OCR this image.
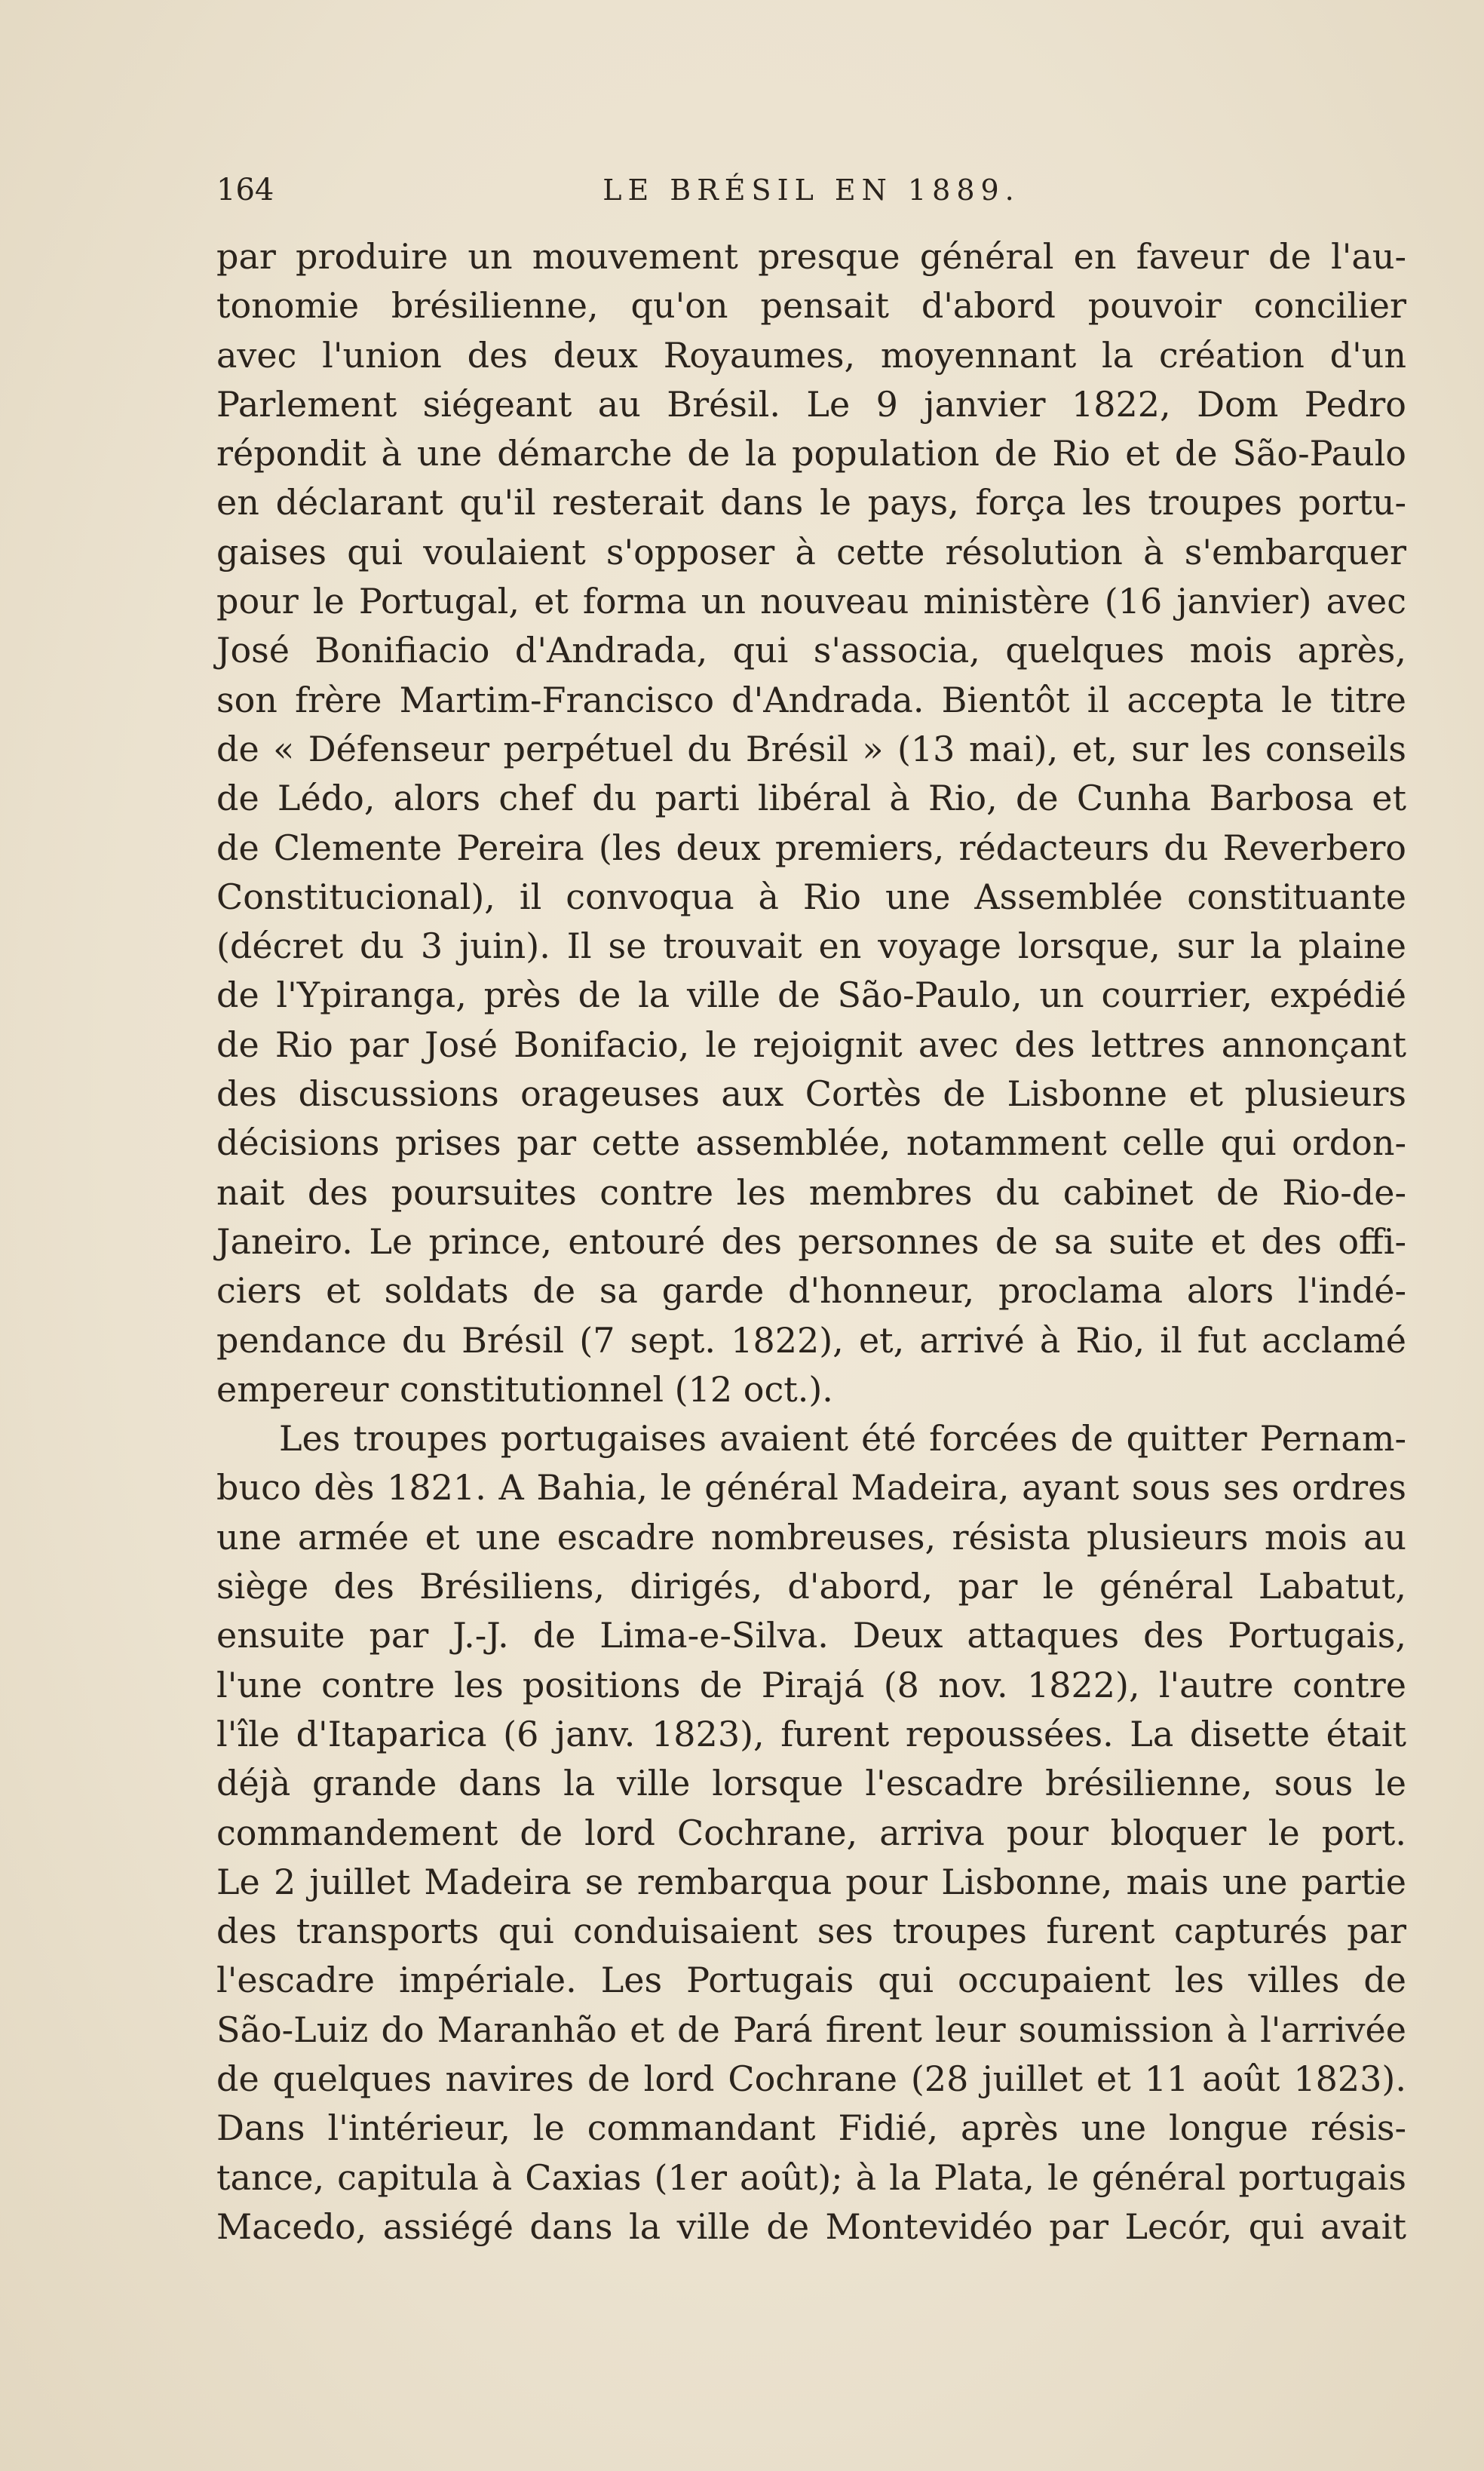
164	LE BRÉSIL EN 1889.
par produire un mouvement presque général en faveur de l'au-
tonomie brésilienne, qu'on pensait d'abord pouvoir concilier
avec l'union des deux Royaumes, moyennant la création d'un
Parlement siégeant au Brésil. Le 9 janvier 1822, Dom Pedro
répondit à une démarche de la population de Rio et de São-Paulo
en déclarant qu'il resterait dans le pays, força les troupes portu-
gaises qui voulaient s'opposer à cette résolution à s'embarquer
pour le Portugal, et forma un nouveau ministère (16 janvier) avec
José Bonifiacio d'Andrada, qui s'associa, quelques mois après,
son frère Martim-Francisco d'Andrada. Bientôt il accepta le titre
de « Défenseur perpétuel du Brésil » (13 mai), et, sur les conseils
de Lédo, alors chef du parti libéral à Rio, de Cunha Barbosa et
de Clemente Pereira (les deux premiers, rédacteurs du Reverbero
Constitucional), il convoqua à Rio une Assemblée constituante
(décret du 3 juin). Il se trouvait en voyage lorsque, sur la plaine
de l'Ypiranga, près de la ville de São-Paulo, un courrier, expédié
de Rio par José Bonifacio, le rejoignit avec des lettres annonçant
des discussions orageuses aux Cortès de Lisbonne et plusieurs
décisions prises par cette assemblée, notamment celle qui ordon-
nait des poursuites contre les membres du cabinet de Rio-de-
Janeiro. Le prince, entouré des personnes de sa suite et des offi-
ciers et soldats de sa garde d'honneur, proclama alors l'indé-
pendance du Brésil (7 sept. 1822), et, arrivé à Rio, il fut acclamé
empereur constitutionnel (12 oct.).
Les troupes portugaises avaient été forcées de quitter Pernam-
buco dès 1821. A Bahia, le général Madeira, ayant sous ses ordres
une armée et une escadre nombreuses, résista plusieurs mois au
siège des Brésiliens, dirigés, d'abord, par le général Labatut,
ensuite par J.-J. de Lima-e-Silva. Deux attaques des Portugais,
l'une contre les positions de Pirajá (8 nov. 1822), l'autre contre
l'île d'Itaparica (6 janv. 1823), furent repoussées. La disette était
déjà grande dans la ville lorsque l'escadre brésilienne, sous le
commandement de lord Cochrane, arriva pour bloquer le port.
Le 2 juillet Madeira se rembarqua pour Lisbonne, mais une partie
des transports qui conduisaient ses troupes furent capturés par
l'escadre impériale. Les Portugais qui occupaient les villes de
São-Luiz do Maranhão et de Pará firent leur soumission à l'arrivée
de quelques navires de lord Cochrane (28 juillet et 11 août 1823).
Dans l'intérieur, le commandant Fidié, après une longue résis-
tance, capitula à Caxias (1er août); à la Plata, le général portugais
Macedo, assiégé dans la ville de Montevidéo par Lecór, qui avait
